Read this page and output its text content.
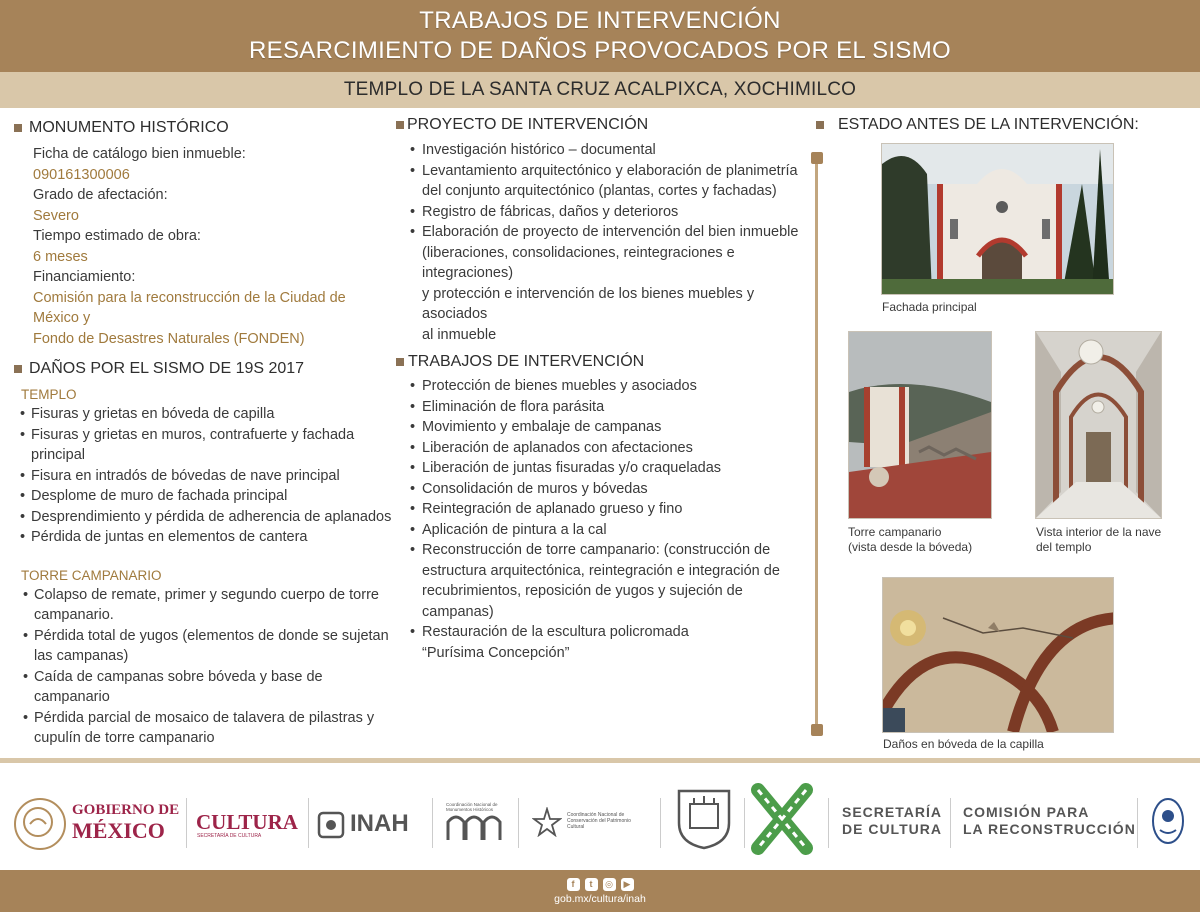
TRABAJOS DE INTERVENCIÓN
RESARCIMIENTO DE DAÑOS PROVOCADOS POR EL SISMO
TEMPLO DE LA SANTA CRUZ ACALPIXCA, XOCHIMILCO
MONUMENTO HISTÓRICO
Ficha de catálogo bien inmueble:
090161300006
Grado de afectación:
Severo
Tiempo estimado de obra:
6 meses
Financiamiento:
Comisión para la reconstrucción de la Ciudad de México y
Fondo de Desastres Naturales (FONDEN)
DAÑOS POR EL SISMO DE 19S 2017
TEMPLO
• Fisuras y grietas en bóveda de capilla
• Fisuras y grietas en muros, contrafuerte y fachada principal
• Fisura en intradós de bóvedas de nave principal
• Desplome de muro de fachada principal
• Desprendimiento y pérdida de adherencia de aplanados
• Pérdida de juntas en elementos de cantera
TORRE CAMPANARIO
• Colapso de remate, primer y segundo cuerpo de torre
campanario.
• Pérdida total de yugos (elementos de donde se sujetan
las campanas)
• Caída de campanas sobre bóveda y base de campanario
• Pérdida parcial de mosaico de talavera de pilastras y
cupulín de torre campanario
PROYECTO DE INTERVENCIÓN
• Investigación histórico – documental
• Levantamiento arquitectónico y elaboración de planimetría
del conjunto arquitectónico (plantas, cortes y fachadas)
• Registro de fábricas, daños y deterioros
• Elaboración de proyecto de intervención del bien inmueble
(liberaciones, consolidaciones, reintegraciones e integraciones)
y protección e intervención de los bienes muebles y asociados
al inmueble
TRABAJOS DE INTERVENCIÓN
• Protección de bienes muebles y asociados
• Eliminación de flora parásita
• Movimiento y embalaje de campanas
• Liberación de aplanados con afectaciones
• Liberación de juntas fisuradas y/o craqueladas
• Consolidación de muros y bóvedas
• Reintegración de aplanado grueso y fino
• Aplicación de pintura a la cal
• Reconstrucción de torre campanario: (construcción de
estructura arquitectónica, reintegración e integración de
recubrimientos, reposición de yugos y sujeción de
campanas)
• Restauración de la escultura policromada
“Purísima Concepción”
ESTADO ANTES DE LA INTERVENCIÓN:
Fachada principal
Torre campanario
(vista desde la bóveda)
Vista interior de la nave
del templo
Daños en bóveda de la capilla
GOBIERNO DE
MÉXICO CULTURA
SECRETARÍA DE CULTURA	INAH
Coordinación Nacional de Monumentos Históricos
Coordinación Nacional de Conservación del Patrimonio Cultural
SECRETARÍA
DE CULTURA
COMISIÓN PARA
LA RECONSTRUCCIÓN
f	t	◎	▶
gob.mx/cultura/inah
